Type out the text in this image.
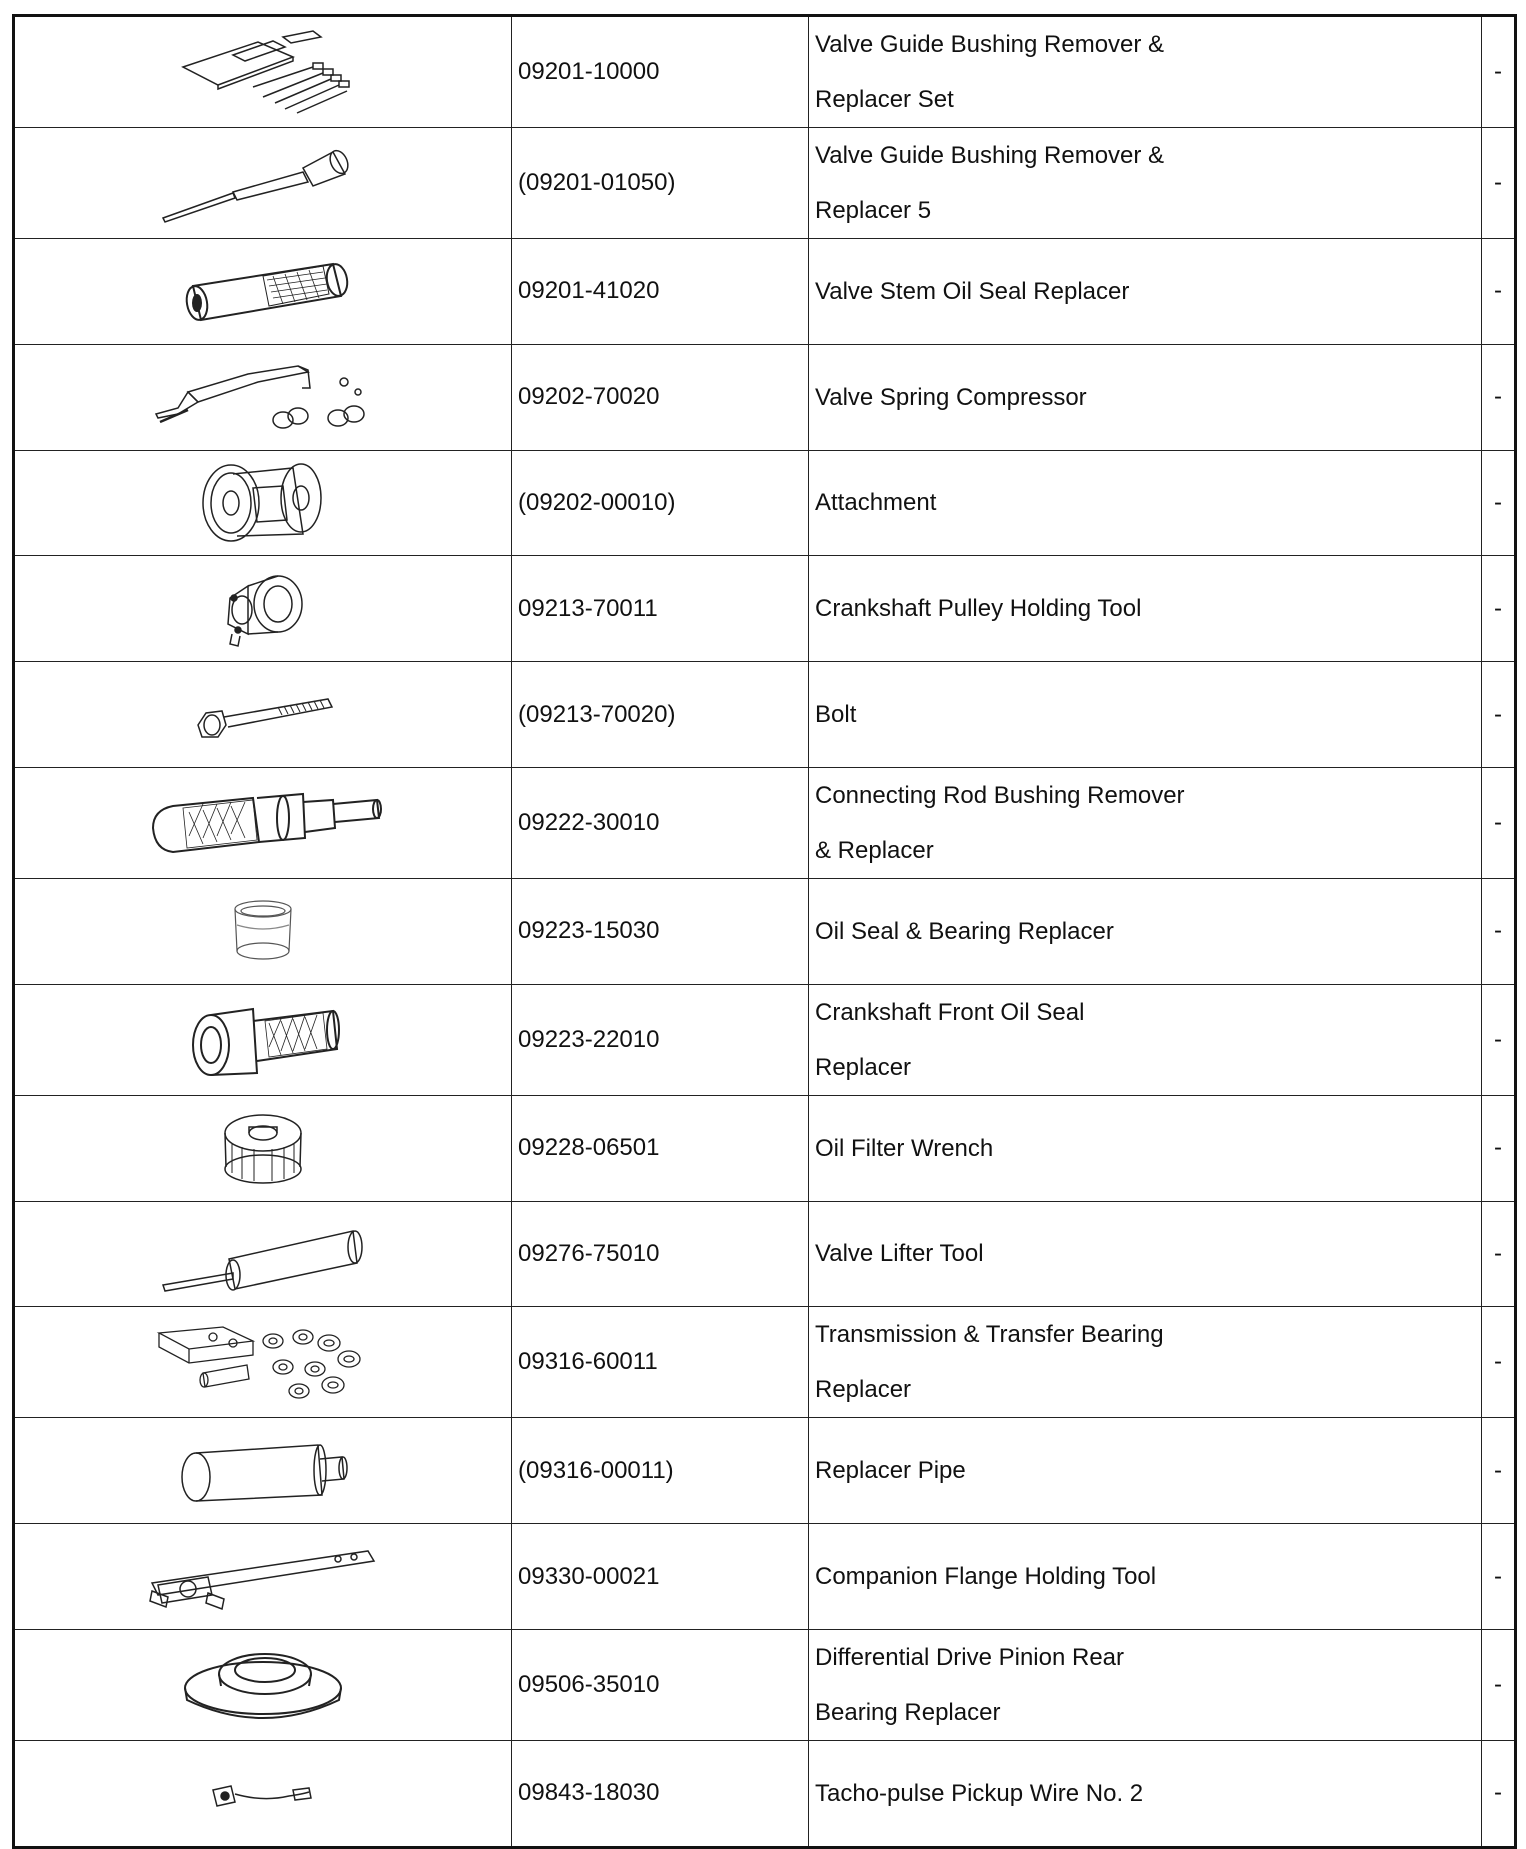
	09201-10000	Valve Guide Bushing Remover &
Replacer Set	-

	(09201-01050)	Valve Guide Bushing Remover &
Replacer 5	-

	09201-41020	Valve Stem Oil Seal Replacer	-

	09202-70020	Valve Spring Compressor	-

	(09202-00010)	Attachment	-

	09213-70011	Crankshaft Pulley Holding Tool	-

	(09213-70020)	Bolt	-

	09222-30010	Connecting Rod Bushing Remover
& Replacer	-

	09223-15030	Oil Seal & Bearing Replacer	-

	09223-22010	Crankshaft Front Oil Seal
Replacer	-

	09228-06501	Oil Filter Wrench	-

	09276-75010	Valve Lifter Tool	-

	09316-60011	Transmission & Transfer Bearing
Replacer	-

	(09316-00011)	Replacer Pipe	-

	09330-00021	Companion Flange Holding Tool	-

	09506-35010	Differential Drive Pinion Rear
Bearing Replacer	-

	09843-18030	Tacho-pulse Pickup Wire No. 2	-
